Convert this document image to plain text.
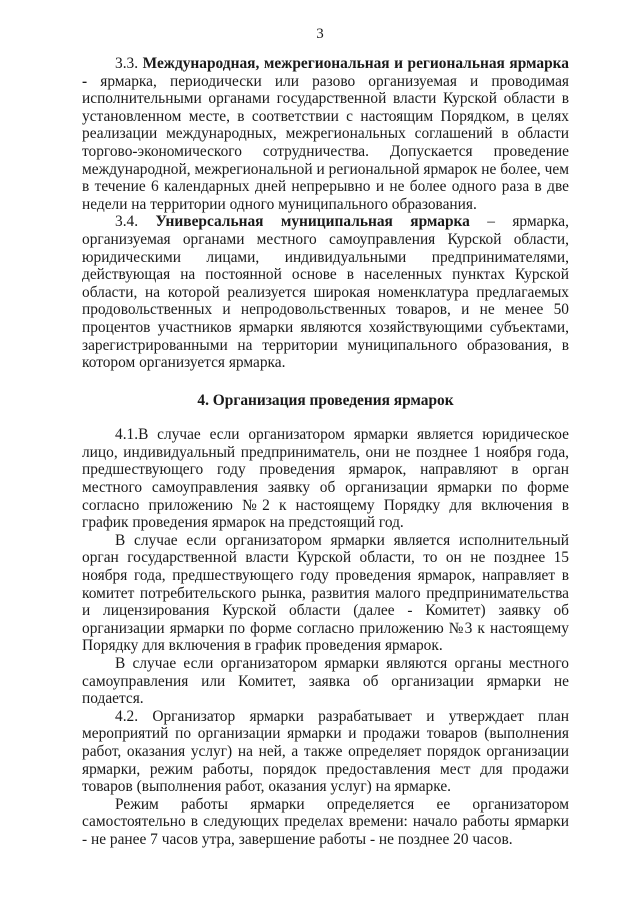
3

3.3. Международная, межрегиональная и региональная ярмарка - ярмарка, периодически или разово организуемая и проводимая исполнительными органами государственной власти Курской области в установленном месте, в соответствии с настоящим Порядком, в целях реализации международных, межрегиональных соглашений в области торгово-экономического сотрудничества. Допускается проведение международной, межрегиональной и региональной ярмарок не более, чем в течение 6 календарных дней непрерывно и не более одного раза в две недели на территории одного муниципального образования.

3.4. Универсальная муниципальная ярмарка – ярмарка, организуемая органами местного самоуправления Курской области, юридическими лицами, индивидуальными предпринимателями, действующая на постоянной основе в населенных пунктах Курской области, на которой реализуется широкая номенклатура предлагаемых продовольственных и непродовольственных товаров, и не менее 50 процентов участников ярмарки являются хозяйствующими субъектами, зарегистрированными на территории муниципального образования, в котором организуется ярмарка.

4. Организация проведения ярмарок

4.1.В случае если организатором ярмарки является юридическое лицо, индивидуальный предприниматель, они не позднее 1 ноября года, предшествующего году проведения ярмарок, направляют в орган местного самоуправления заявку об организации ярмарки по форме согласно приложению №2 к настоящему Порядку для включения в график проведения ярмарок на предстоящий год.

В случае если организатором ярмарки является исполнительный орган государственной власти Курской области, то он не позднее 15 ноября года, предшествующего году проведения ярмарок, направляет в комитет потребительского рынка, развития малого предпринимательства и лицензирования Курской области (далее - Комитет) заявку об организации ярмарки по форме согласно приложению №3 к настоящему Порядку для включения в график проведения ярмарок.

В случае если организатором ярмарки являются органы местного самоуправления или Комитет, заявка об организации ярмарки не подается.

4.2. Организатор ярмарки разрабатывает и утверждает план мероприятий по организации ярмарки и продажи товаров (выполнения работ, оказания услуг) на ней, а также определяет порядок организации ярмарки, режим работы, порядок предоставления мест для продажи товаров (выполнения работ, оказания услуг) на ярмарке.

Режим работы ярмарки определяется ее организатором самостоятельно в следующих пределах времени: начало работы ярмарки - не ранее 7 часов утра, завершение работы - не позднее 20 часов.
